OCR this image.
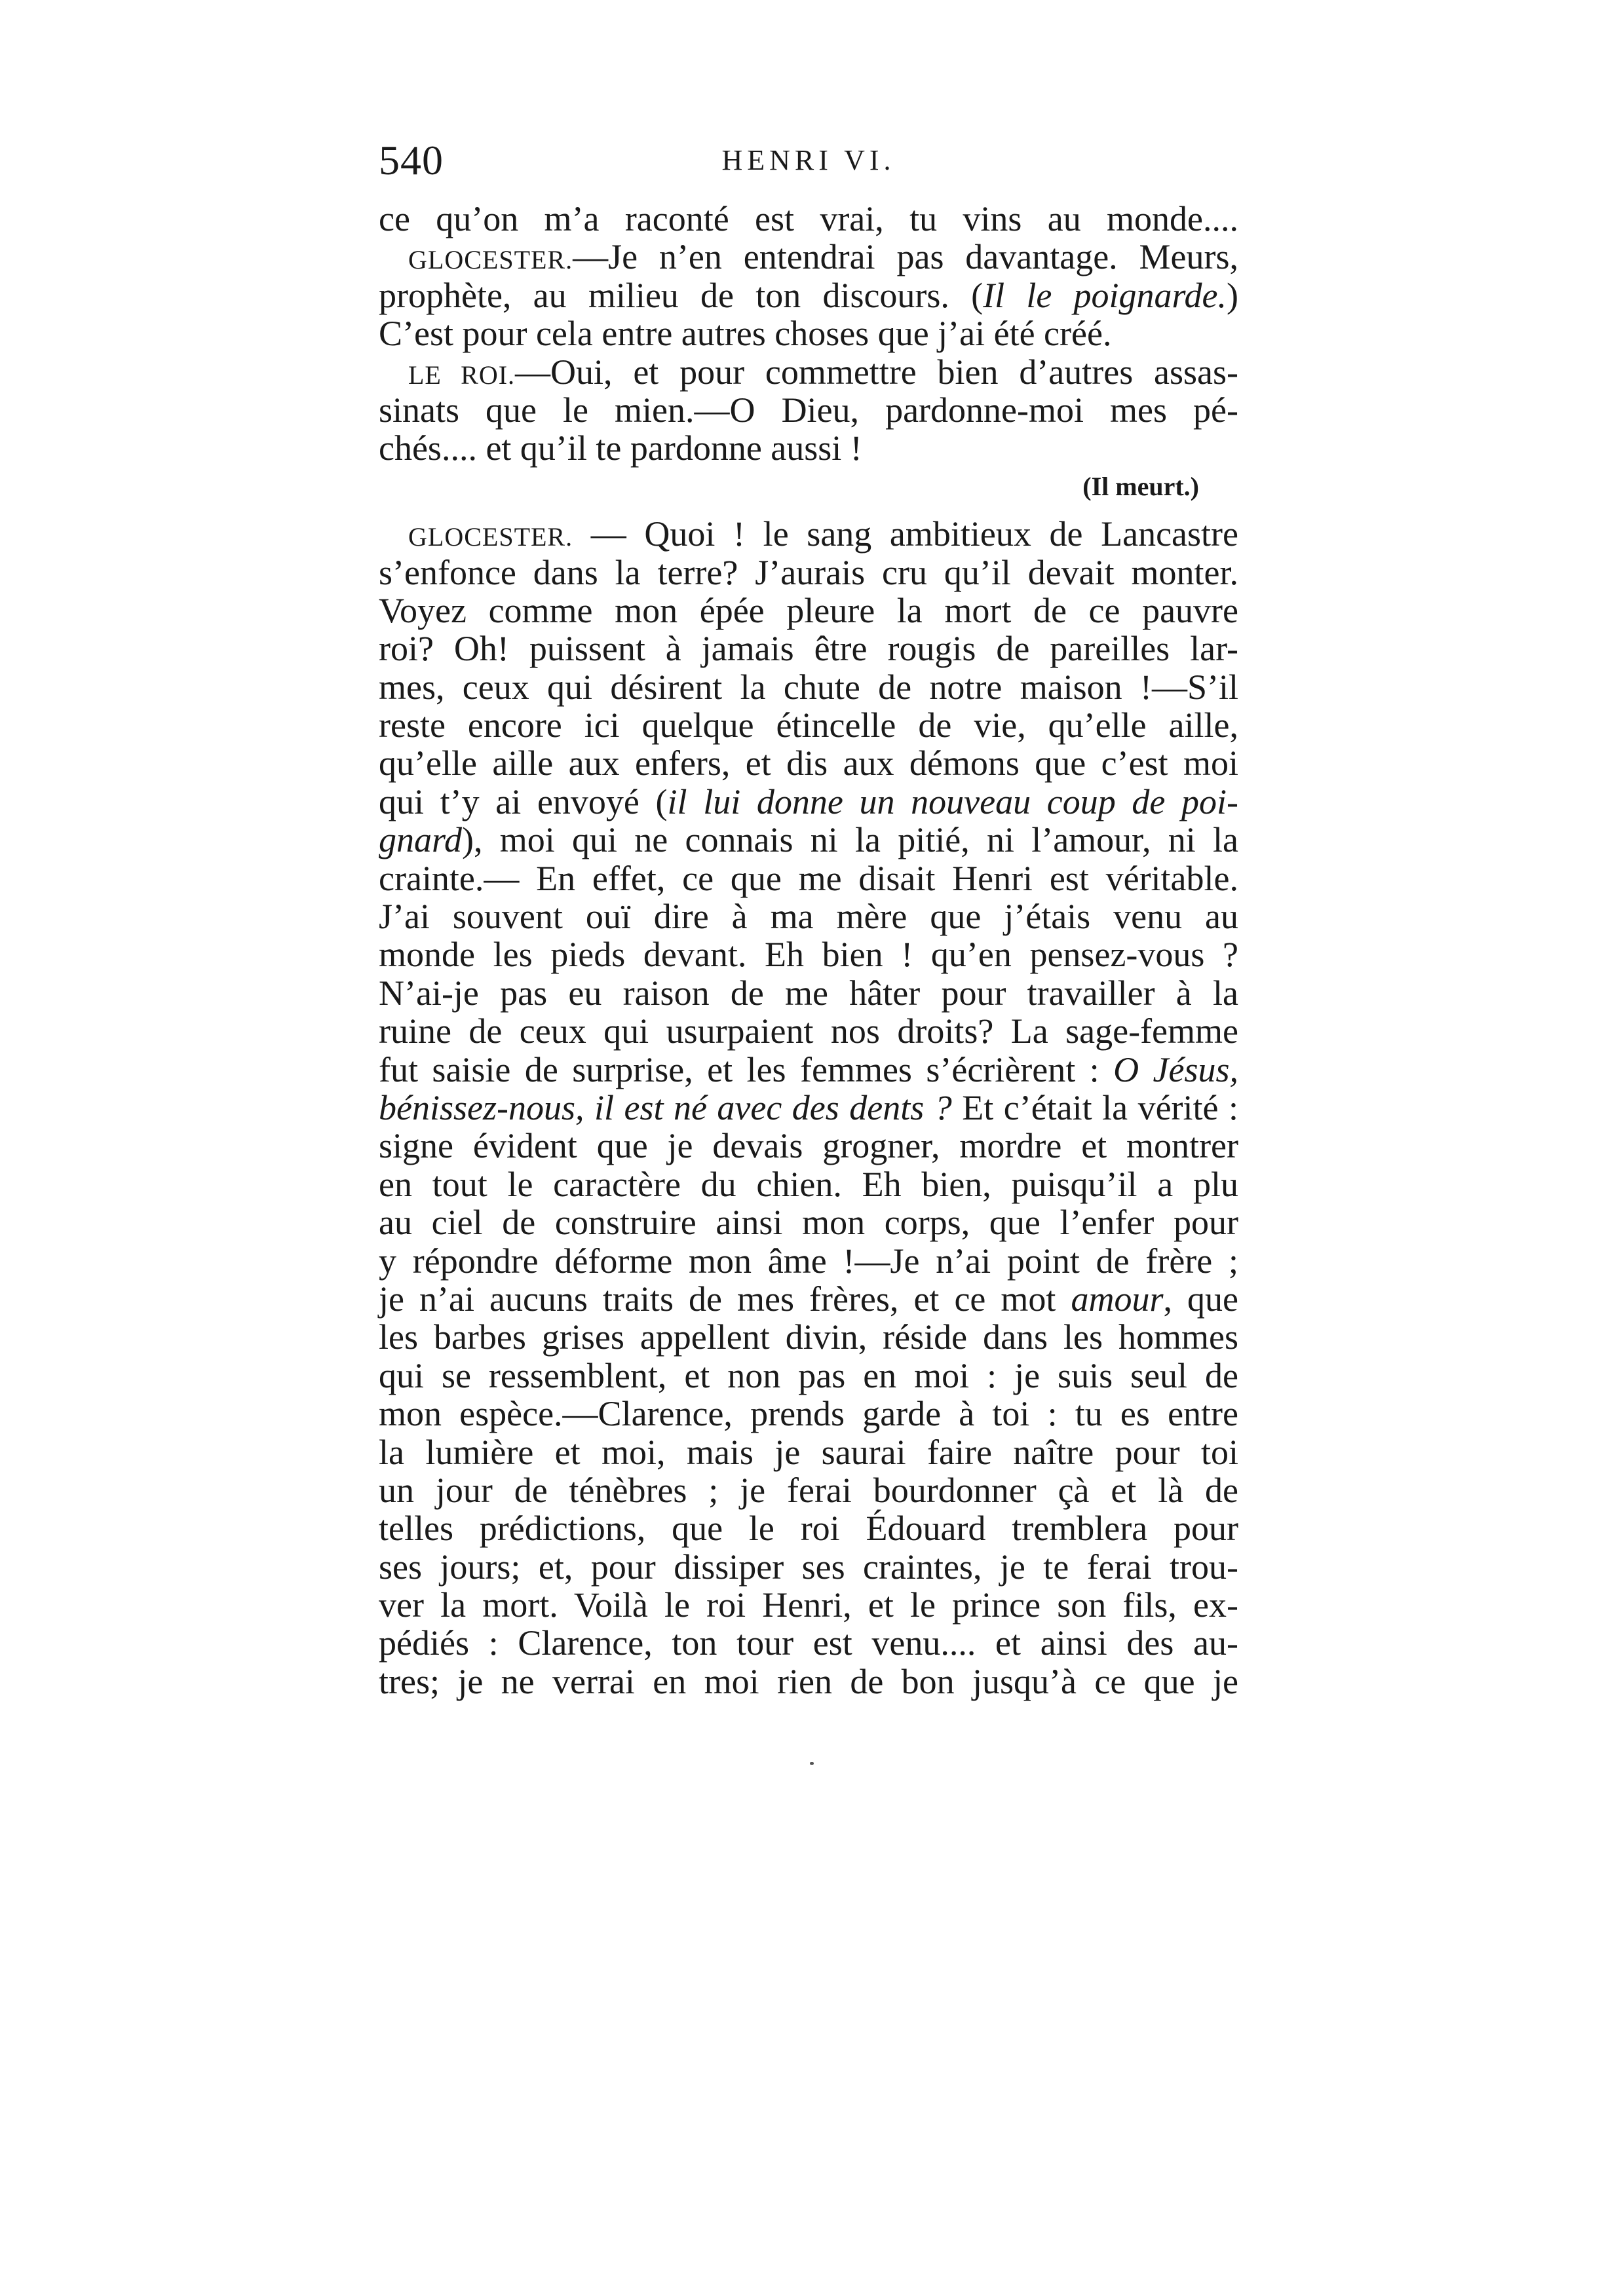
540	HENRI VI.
ce qu’on m’a raconté est vrai, tu vins au monde....
GLOCESTER.—Je n’en entendrai pas davantage. Meurs,
prophète, au milieu de ton discours. (Il le poignarde.)
C’est pour cela entre autres choses que j’ai été créé.
LE ROI.—Oui, et pour commettre bien d’autres assas-
sinats que le mien.—O Dieu, pardonne-moi mes pé-
chés.... et qu’il te pardonne aussi !
(Il meurt.)
GLOCESTER. — Quoi ! le sang ambitieux de Lancastre
s’enfonce dans la terre? J’aurais cru qu’il devait monter.
Voyez comme mon épée pleure la mort de ce pauvre
roi? Oh! puissent à jamais être rougis de pareilles lar-
mes, ceux qui désirent la chute de notre maison !—S’il
reste encore ici quelque étincelle de vie, qu’elle aille,
qu’elle aille aux enfers, et dis aux démons que c’est moi
qui t’y ai envoyé (il lui donne un nouveau coup de poi-
gnard), moi qui ne connais ni la pitié, ni l’amour, ni la
crainte.— En effet, ce que me disait Henri est véritable.
J’ai souvent ouï dire à ma mère que j’étais venu au
monde les pieds devant. Eh bien ! qu’en pensez-vous ?
N’ai-je pas eu raison de me hâter pour travailler à la
ruine de ceux qui usurpaient nos droits? La sage-femme
fut saisie de surprise, et les femmes s’écrièrent : O Jésus,
bénissez-nous, il est né avec des dents ? Et c’était la vérité :
signe évident que je devais grogner, mordre et montrer
en tout le caractère du chien. Eh bien, puisqu’il a plu
au ciel de construire ainsi mon corps, que l’enfer pour
y répondre déforme mon âme !—Je n’ai point de frère ;
je n’ai aucuns traits de mes frères, et ce mot amour, que
les barbes grises appellent divin, réside dans les hommes
qui se ressemblent, et non pas en moi : je suis seul de
mon espèce.—Clarence, prends garde à toi : tu es entre
la lumière et moi, mais je saurai faire naître pour toi
un jour de ténèbres ; je ferai bourdonner çà et là de
telles prédictions, que le roi Édouard tremblera pour
ses jours; et, pour dissiper ses craintes, je te ferai trou-
ver la mort. Voilà le roi Henri, et le prince son fils, ex-
pédiés : Clarence, ton tour est venu.... et ainsi des au-
tres; je ne verrai en moi rien de bon jusqu’à ce que je
